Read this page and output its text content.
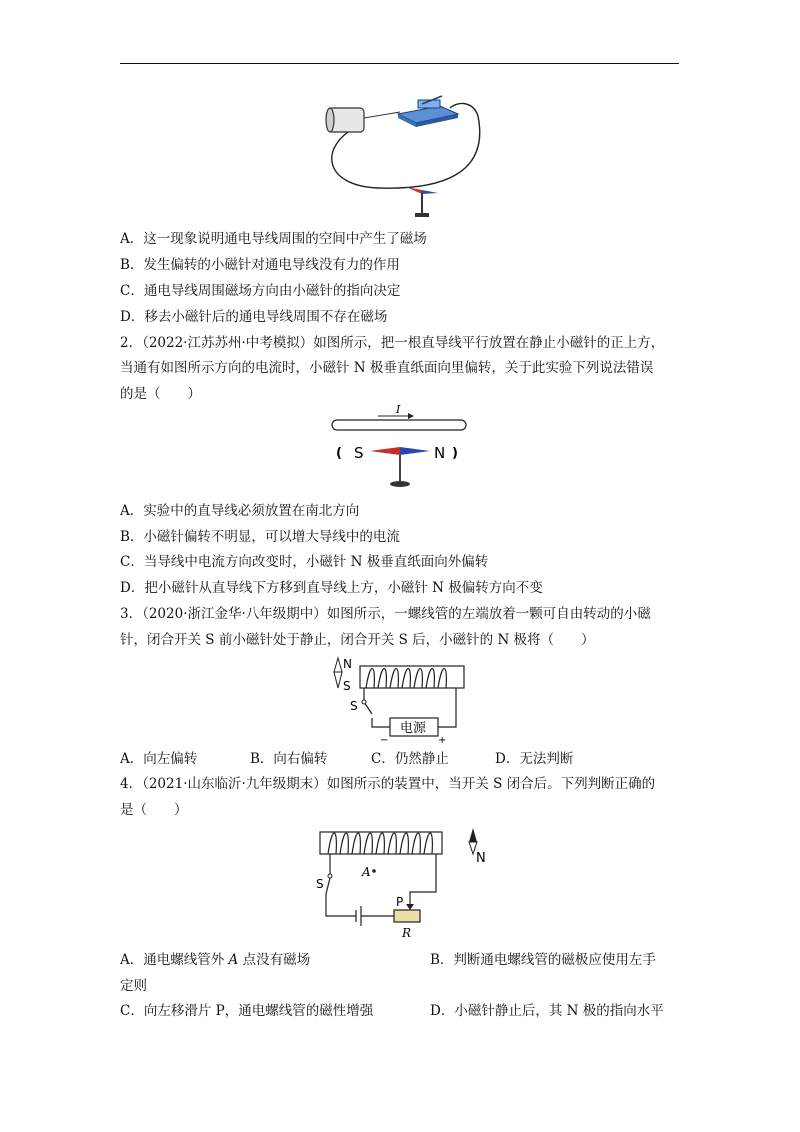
A．这一现象说明通电导线周围的空间中产生了磁场
B．发生偏转的小磁针对通电导线没有力的作用
C．通电导线周围磁场方向由小磁针的指向决定
D．移去小磁针后的通电导线周围不存在磁场
2．（2022·江苏苏州·中考模拟）如图所示，把一根直导线平行放置在静止小磁针的正上方，
当通有如图所示方向的电流时，小磁针 N 极垂直纸面向里偏转，关于此实验下列说法错误
的是（　　）
I
( S	N )
A．实验中的直导线必须放置在南北方向
B．小磁针偏转不明显，可以增大导线中的电流
C．当导线中电流方向改变时，小磁针 N 极垂直纸面向外偏转
D．把小磁针从直导线下方移到直导线上方，小磁针 N 极偏转方向不变
3．（2020·浙江金华·八年级期中）如图所示，一螺线管的左端放着一颗可自由转动的小磁
针，闭合开关 S 前小磁针处于静止，闭合开关 S 后，小磁针的 N 极将（　　）
N
S
S
电源
−	+
A．向左偏转	B．向右偏转	C．仍然静止	D．无法判断
4．（2021·山东临沂·九年级期末）如图所示的装置中，当开关 S 闭合后。下列判断正确的
是（　　）
S
P
R
A
N
A．通电螺线管外 A 点没有磁场	B．判断通电螺线管的磁极应使用左手
定则
C．向左移滑片 P，通电螺线管的磁性增强	D．小磁针静止后，其 N 极的指向水平
